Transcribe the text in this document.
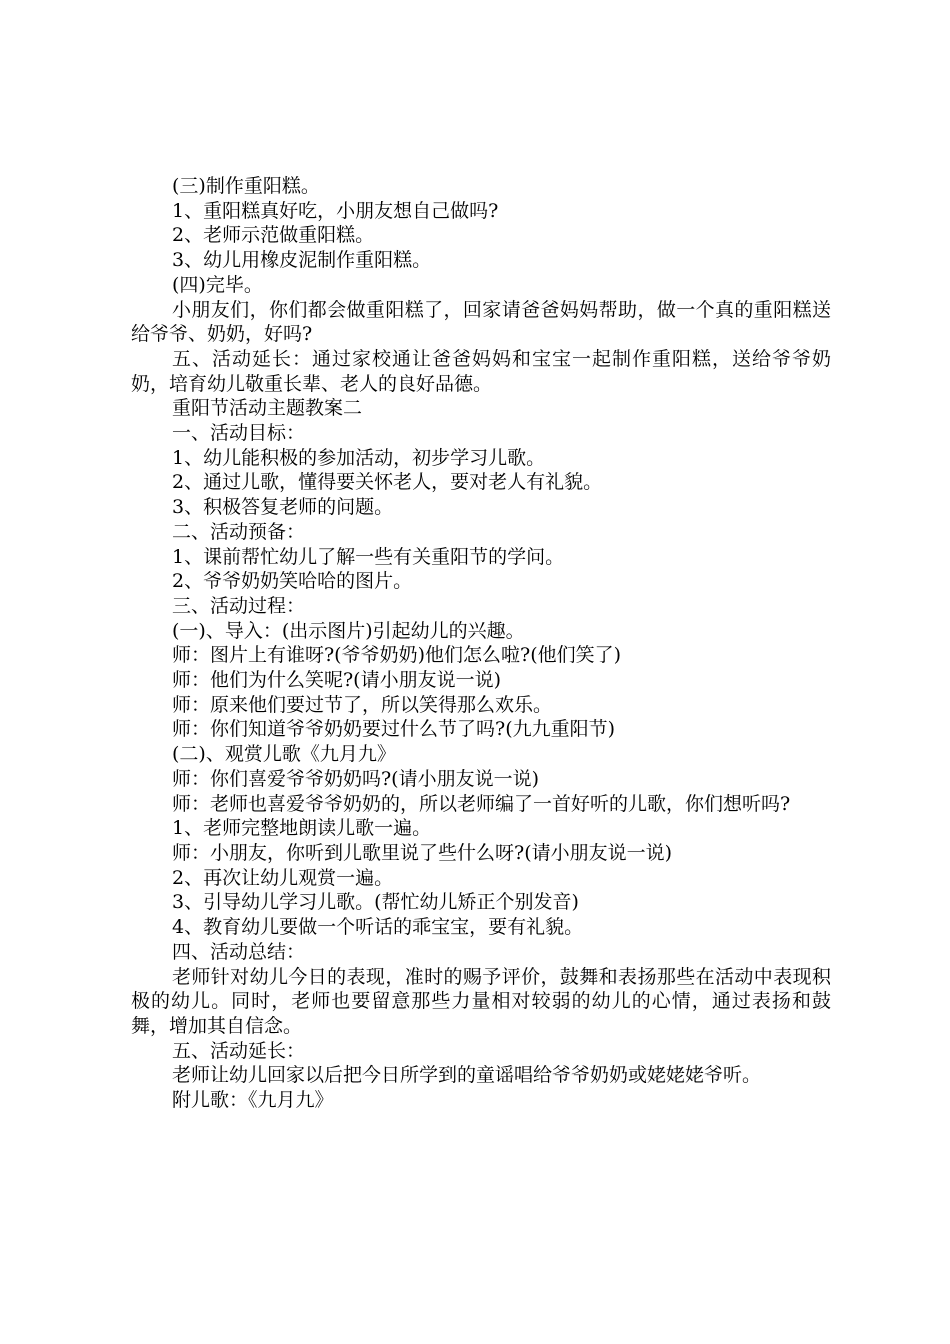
(三)制作重阳糕。

1、重阳糕真好吃，小朋友想自己做吗?

2、老师示范做重阳糕。

3、幼儿用橡皮泥制作重阳糕。

(四)完毕。

小朋友们，你们都会做重阳糕了，回家请爸爸妈妈帮助，做一个真的重阳糕送给爷爷、奶奶，好吗?

五、活动延长：通过家校通让爸爸妈妈和宝宝一起制作重阳糕，送给爷爷奶奶，培育幼儿敬重长辈、老人的良好品德。

重阳节活动主题教案二

一、活动目标：

1、幼儿能积极的参加活动，初步学习儿歌。

2、通过儿歌，懂得要关怀老人，要对老人有礼貌。

3、积极答复老师的问题。

二、活动预备：

1、课前帮忙幼儿了解一些有关重阳节的学问。

2、爷爷奶奶笑哈哈的图片。

三、活动过程：

(一)、导入：(出示图片)引起幼儿的兴趣。

师：图片上有谁呀?(爷爷奶奶)他们怎么啦?(他们笑了)

师：他们为什么笑呢?(请小朋友说一说)

师：原来他们要过节了，所以笑得那么欢乐。

师：你们知道爷爷奶奶要过什么节了吗?(九九重阳节)

(二)、观赏儿歌《九月九》

师：你们喜爱爷爷奶奶吗?(请小朋友说一说)

师：老师也喜爱爷爷奶奶的，所以老师编了一首好听的儿歌，你们想听吗?

1、老师完整地朗读儿歌一遍。

师：小朋友，你听到儿歌里说了些什么呀?(请小朋友说一说)

2、再次让幼儿观赏一遍。

3、引导幼儿学习儿歌。(帮忙幼儿矫正个别发音)

4、教育幼儿要做一个听话的乖宝宝，要有礼貌。

四、活动总结：

老师针对幼儿今日的表现，准时的赐予评价，鼓舞和表扬那些在活动中表现积极的幼儿。同时，老师也要留意那些力量相对较弱的幼儿的心情，通过表扬和鼓舞，增加其自信念。

五、活动延长：

老师让幼儿回家以后把今日所学到的童谣唱给爷爷奶奶或姥姥姥爷听。

附儿歌：《九月九》
